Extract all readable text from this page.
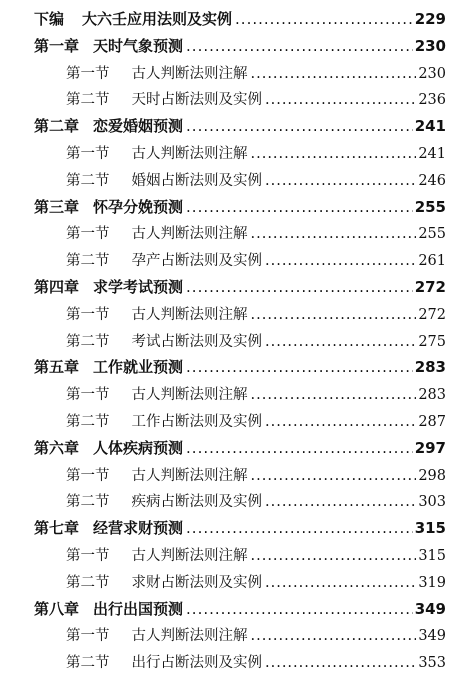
下编 大六壬应用法则及实例 .....	229
第一章 天时气象预测 .....	230
第一节 古人判断法则注解 .....	230
第二节 天时占断法则及实例 .....	236
第二章 恋爱婚姻预测 .....	241
第一节 古人判断法则注解 .....	241
第二节 婚姻占断法则及实例 .....	246
第三章 怀孕分娩预测 .....	255
第一节 古人判断法则注解 .....	255
第二节 孕产占断法则及实例 .....	261
第四章 求学考试预测 .....	272
第一节 古人判断法则注解 .....	272
第二节 考试占断法则及实例 .....	275
第五章 工作就业预测 .....	283
第一节 古人判断法则注解 .....	283
第二节 工作占断法则及实例 .....	287
第六章 人体疾病预测 .....	297
第一节 古人判断法则注解 .....	298
第二节 疾病占断法则及实例 .....	303
第七章 经营求财预测 .....	315
第一节 古人判断法则注解 .....	315
第二节 求财占断法则及实例 .....	319
第八章 出行出国预测 .....	349
第一节 古人判断法则注解 .....	349
第二节 出行占断法则及实例 .....	353
